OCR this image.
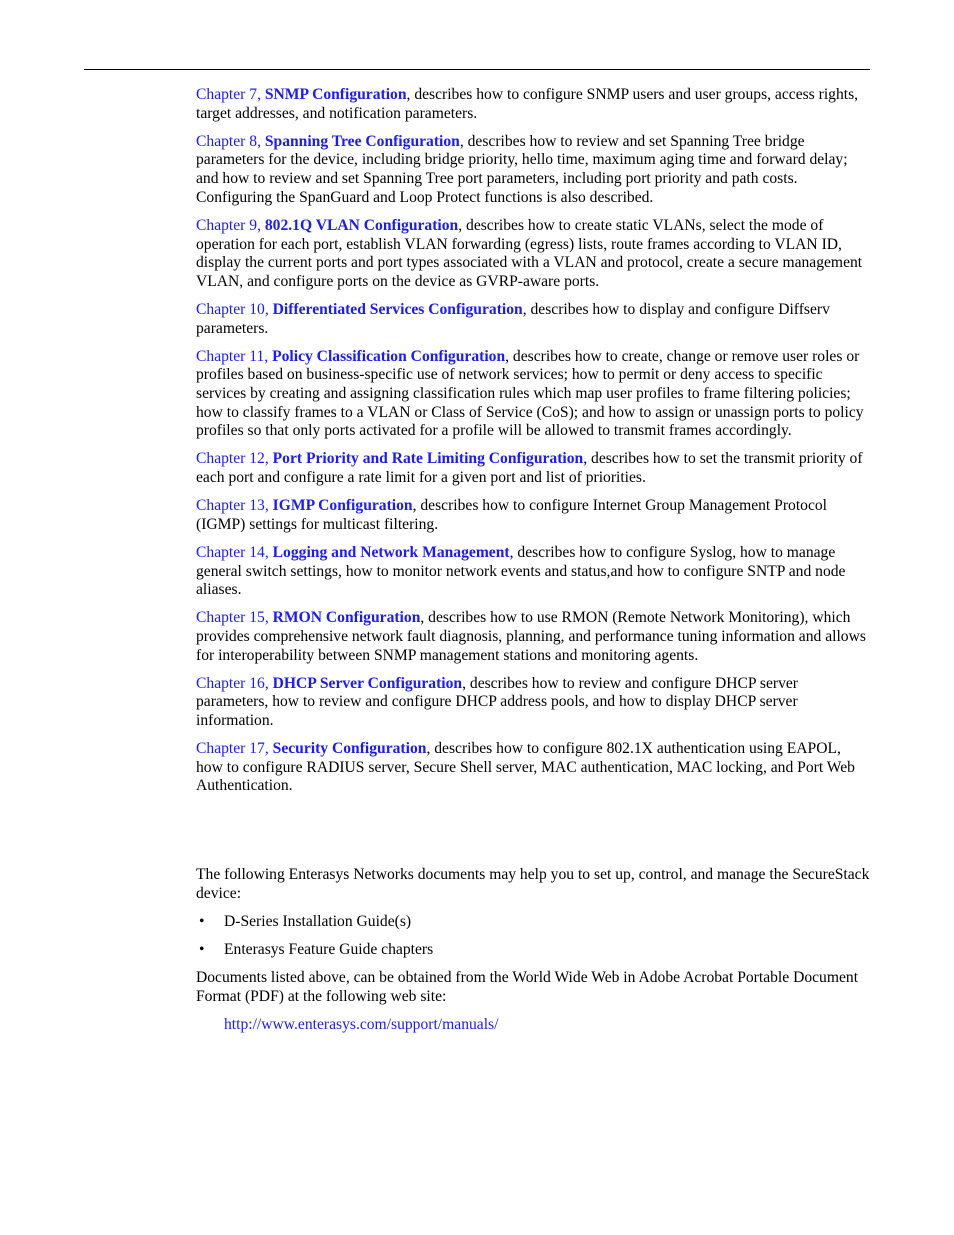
Chapter 7, SNMP Configuration, describes how to configure SNMP users and user groups, access rights, target addresses, and notification parameters.

Chapter 8, Spanning Tree Configuration, describes how to review and set Spanning Tree bridge parameters for the device, including bridge priority, hello time, maximum aging time and forward delay; and how to review and set Spanning Tree port parameters, including port priority and path costs. Configuring the SpanGuard and Loop Protect functions is also described.

Chapter 9, 802.1Q VLAN Configuration, describes how to create static VLANs, select the mode of operation for each port, establish VLAN forwarding (egress) lists, route frames according to VLAN ID, display the current ports and port types associated with a VLAN and protocol, create a secure management VLAN, and configure ports on the device as GVRP-aware ports.

Chapter 10, Differentiated Services Configuration, describes how to display and configure Diffserv parameters.

Chapter 11, Policy Classification Configuration, describes how to create, change or remove user roles or profiles based on business-specific use of network services; how to permit or deny access to specific services by creating and assigning classification rules which map user profiles to frame filtering policies; how to classify frames to a VLAN or Class of Service (CoS); and how to assign or unassign ports to policy profiles so that only ports activated for a profile will be allowed to transmit frames accordingly.

Chapter 12, Port Priority and Rate Limiting Configuration, describes how to set the transmit priority of each port and configure a rate limit for a given port and list of priorities.

Chapter 13, IGMP Configuration, describes how to configure Internet Group Management Protocol (IGMP) settings for multicast filtering.

Chapter 14, Logging and Network Management, describes how to configure Syslog, how to manage general switch settings, how to monitor network events and status,and how to configure SNTP and node aliases.

Chapter 15, RMON Configuration, describes how to use RMON (Remote Network Monitoring), which provides comprehensive network fault diagnosis, planning, and performance tuning information and allows for interoperability between SNMP management stations and monitoring agents.

Chapter 16, DHCP Server Configuration, describes how to review and configure DHCP server parameters, how to review and configure DHCP address pools, and how to display DHCP server information.

Chapter 17, Security Configuration, describes how to configure 802.1X authentication using EAPOL, how to configure RADIUS server, Secure Shell server, MAC authentication, MAC locking, and Port Web Authentication.

The following Enterasys Networks documents may help you to set up, control, and manage the SecureStack device:

• D-Series Installation Guide(s)
• Enterasys Feature Guide chapters

Documents listed above, can be obtained from the World Wide Web in Adobe Acrobat Portable Document Format (PDF) at the following web site:

http://www.enterasys.com/support/manuals/
